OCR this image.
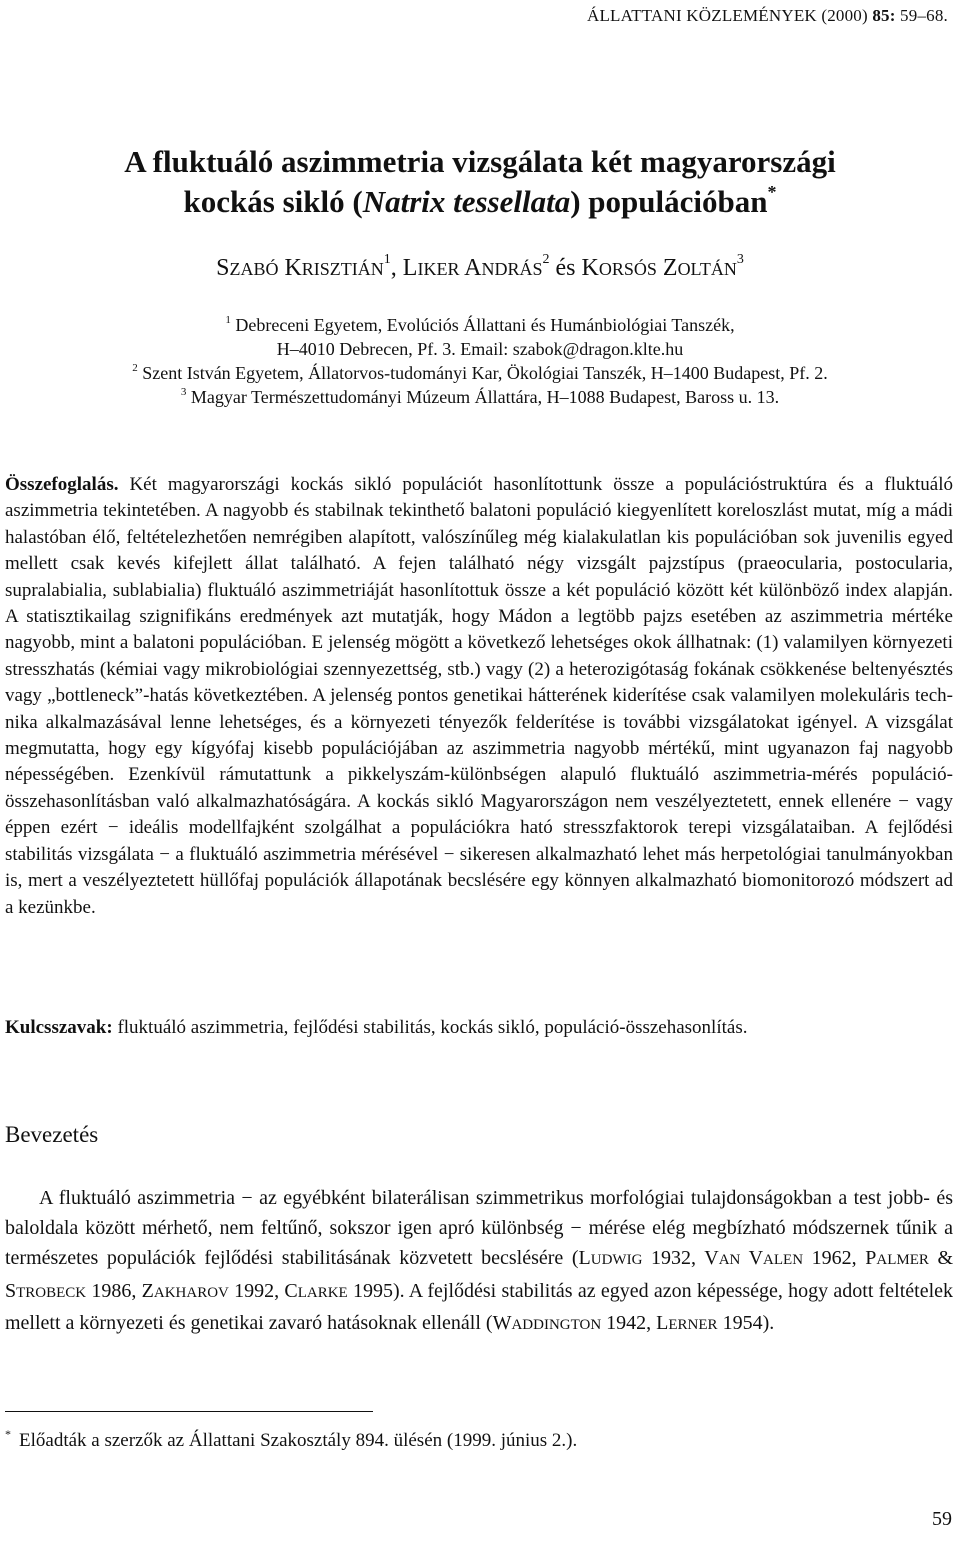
ÁLLATTANI KÖZLEMÉNYEK (2000) 85: 59–68.
A fluktuáló aszimmetria vizsgálata két magyarországi
kockás sikló (Natrix tessellata) populációban*
SZABÓ KRISZTIÁN$^1$, LIKER ANDRÁS$^2$ és KORSÓS ZOLTÁN$^3$
$^1$ Debreceni Egyetem, Evolúciós Állattani és Humánbiológiai Tanszék,
H–4010 Debrecen, Pf. 3. Email: szabok@dragon.klte.hu
$^2$ Szent István Egyetem, Állatorvos-tudományi Kar, Ökológiai Tanszék, H–1400 Budapest, Pf. 2.
$^3$ Magyar Természettudományi Múzeum Állattára, H–1088 Budapest, Baross u. 13.

Összefoglalás. Két magyarországi kockás sikló populációt hasonlítottunk össze a populációstruktúra és a fluktuáló aszimmetria tekintetében. A nagyobb és stabilnak tekinthető balatoni populáció kiegyenlített koreloszlást mutat, míg a mádi halastóban élő, feltételezhetően nemrégiben alapított, valószínűleg még kialakulatlan kis populációban sok juvenilis egyed mellett csak kevés kifejlett állat található. A fejen található négy vizsgált pajzstípus (praeocularia, postocularia, supralabialia, sublabialia) fluktuáló aszimmetriáját hasonlítottuk össze a két populáció között két különböző index alapján. A statisztikailag szignifikáns eredmények azt mutatják, hogy Mádon a legtöbb pajzs esetében az aszimmetria mértéke nagyobb, mint a balatoni populációban. E jelenség mögött a következő lehetséges okok állhatnak: (1) valamilyen környezeti stresszhatás (kémiai vagy mikrobiológiai szennyezettség, stb.) vagy (2) a heterozigótaság fokának csökkenése beltenyésztés vagy „bottleneck”-hatás következtében. A jelenség pontos genetikai hátterének kiderítése csak valamilyen molekuláris technika alkalmazásával lenne lehetséges, és a környezeti tényezők felderítése is további vizsgálatokat igényel. A vizsgálat megmutatta, hogy egy kígyófaj kisebb populációjában az aszimmetria nagyobb mértékű, mint ugyanazon faj nagyobb népességében. Ezenkívül rámutattunk a pikkelyszám-különbségen alapuló fluktuáló aszimmetria-mérés populáció-összehasonlításban való alkalmazhatóságára. A kockás sikló Magyarországon nem veszélyeztetett, ennek ellenére − vagy éppen ezért − ideális modellfajként szolgálhat a populációkra ható stresszfaktorok terepi vizsgálataiban. A fejlődési stabilitás vizsgálata − a fluktuáló aszimmetria mérésével − sikeresen alkalmazható lehet más herpetológiai tanulmányokban is, mert a veszélyeztetett hüllőfaj populációk állapotának becslésére egy könnyen alkalmazható biomonitorozó módszert ad a kezünkbe.

Kulcsszavak: fluktuáló aszimmetria, fejlődési stabilitás, kockás sikló, populáció-összehasonlítás.

Bevezetés

A fluktuáló aszimmetria − az egyébként bilaterálisan szimmetrikus morfológiai tulajdonságokban a test jobb- és baloldala között mérhető, nem feltűnő, sokszor igen apró különbség − mérése elég megbízható módszernek tűnik a természetes populációk fejlődési stabilitásának közvetett becslésére (LUDWIG 1932, VAN VALEN 1962, PALMER & STROBECK 1986, ZAKHAROV 1992, CLARKE 1995). A fejlődési stabilitás az egyed azon képessége, hogy adott feltételek mellett a környezeti és genetikai zavaró hatásoknak ellenáll (WADDINGTON 1942, LERNER 1954).

* Előadták a szerzők az Állattani Szakosztály 894. ülésén (1999. június 2.).

59
